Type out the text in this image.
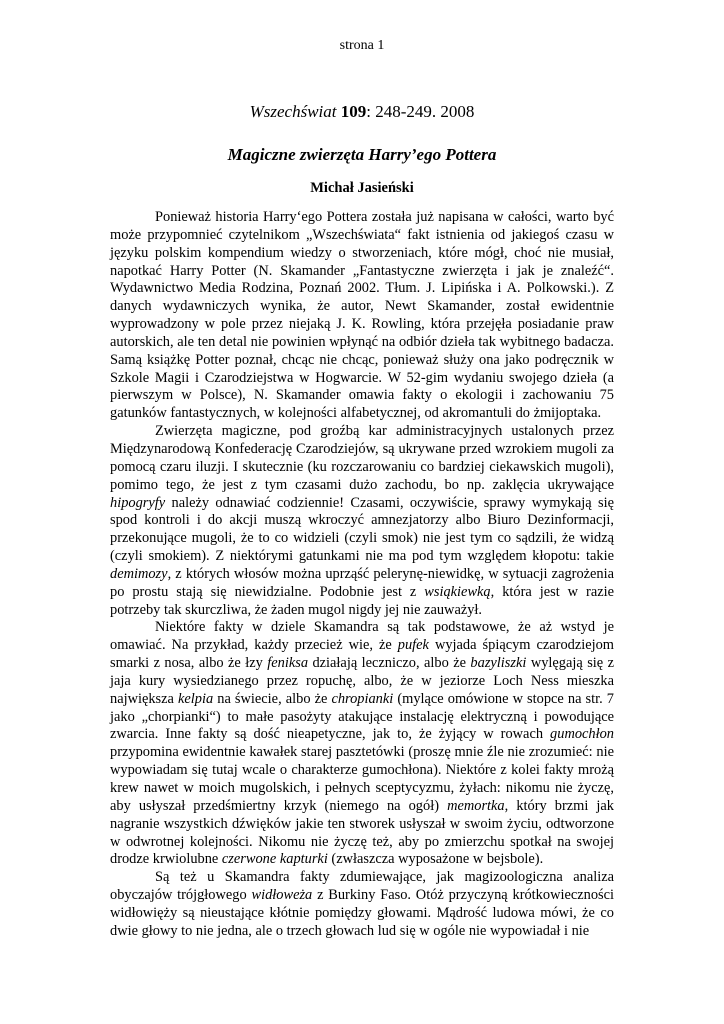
strona 1
Wszechświat 109: 248-249. 2008
Magiczne zwierzęta Harry’ego Pottera
Michał Jasieński

Ponieważ historia Harry‘ego Pottera została już napisana w całości, warto być może przypomnieć czytelnikom „Wszechświata“ fakt istnienia od jakiegoś czasu w języku polskim kompendium wiedzy o stworzeniach, które mógł, choć nie musiał, napotkać Harry Potter (N. Skamander „Fantastyczne zwierzęta i jak je znaleźć“. Wydawnictwo Media Rodzina, Poznań 2002. Tłum. J. Lipińska i A. Polkowski.). Z danych wydawniczych wynika, że autor, Newt Skamander, został ewidentnie wyprowadzony w pole przez niejaką J. K. Rowling, która przejęła posiadanie praw autorskich, ale ten detal nie powinien wpłynąć na odbiór dzieła tak wybitnego badacza. Samą książkę Potter poznał, chcąc nie chcąc, ponieważ służy ona jako podręcznik w Szkole Magii i Czarodziejstwa w Hogwarcie. W 52-gim wydaniu swojego dzieła (a pierwszym w Polsce), N. Skamander omawia fakty o ekologii i zachowaniu 75 gatunków fantastycznych, w kolejności alfabetycznej, od akromantuli do żmijoptaka.

Zwierzęta magiczne, pod groźbą kar administracyjnych ustalonych przez Międzynarodową Konfederację Czarodziejów, są ukrywane przed wzrokiem mugoli za pomocą czaru iluzji. I skutecznie (ku rozczarowaniu co bardziej ciekawskich mugoli), pomimo tego, że jest z tym czasami dużo zachodu, bo np. zaklęcia ukrywające hipogryfy należy odnawiać codziennie! Czasami, oczywiście, sprawy wymykają się spod kontroli i do akcji muszą wkroczyć amnezjatorzy albo Biuro Dezinformacji, przekonujące mugoli, że to co widzieli (czyli smok) nie jest tym co sądzili, że widzą (czyli smokiem). Z niektórymi gatunkami nie ma pod tym względem kłopotu: takie demimozy, z których włosów można uprząść pelerynę-niewidkę, w sytuacji zagrożenia po prostu stają się niewidzialne. Podobnie jest z wsiąkiewką, która jest w razie potrzeby tak skurczliwa, że żaden mugol nigdy jej nie zauważył.

Niektóre fakty w dziele Skamandra są tak podstawowe, że aż wstyd je omawiać. Na przykład, każdy przecież wie, że pufek wyjada śpiącym czarodziejom smarki z nosa, albo że łzy feniksa działają leczniczo, albo że bazyliszki wylęgają się z jaja kury wysiedzianego przez ropuchę, albo, że w jeziorze Loch Ness mieszka największa kelpia na świecie, albo że chropianki (mylące omówione w stopce na str. 7 jako „chorpianki“) to małe pasożyty atakujące instalację elektryczną i powodujące zwarcia. Inne fakty są dość nieapetyczne, jak to, że żyjący w rowach gumochłon przypomina ewidentnie kawałek starej pasztetówki (proszę mnie źle nie zrozumieć: nie wypowiadam się tutaj wcale o charakterze gumochłona). Niektóre z kolei fakty mrożą krew nawet w moich mugolskich, i pełnych sceptycyzmu, żyłach: nikomu nie życzę, aby usłyszał przedśmiertny krzyk (niemego na ogół) memortka, który brzmi jak nagranie wszystkich dźwięków jakie ten stworek usłyszał w swoim życiu, odtworzone w odwrotnej kolejności. Nikomu nie życzę też, aby po zmierzchu spotkał na swojej drodze krwiolubne czerwone kapturki (zwłaszcza wyposażone w bejsbole).

Są też u Skamandra fakty zdumiewające, jak magizoologiczna analiza obyczajów trójgłowego widłoweża z Burkiny Faso. Otóż przyczyną krótkowieczności widłowięży są nieustające kłótnie pomiędzy głowami. Mądrość ludowa mówi, że co dwie głowy to nie jedna, ale o trzech głowach lud się w ogóle nie wypowiadał i nie
